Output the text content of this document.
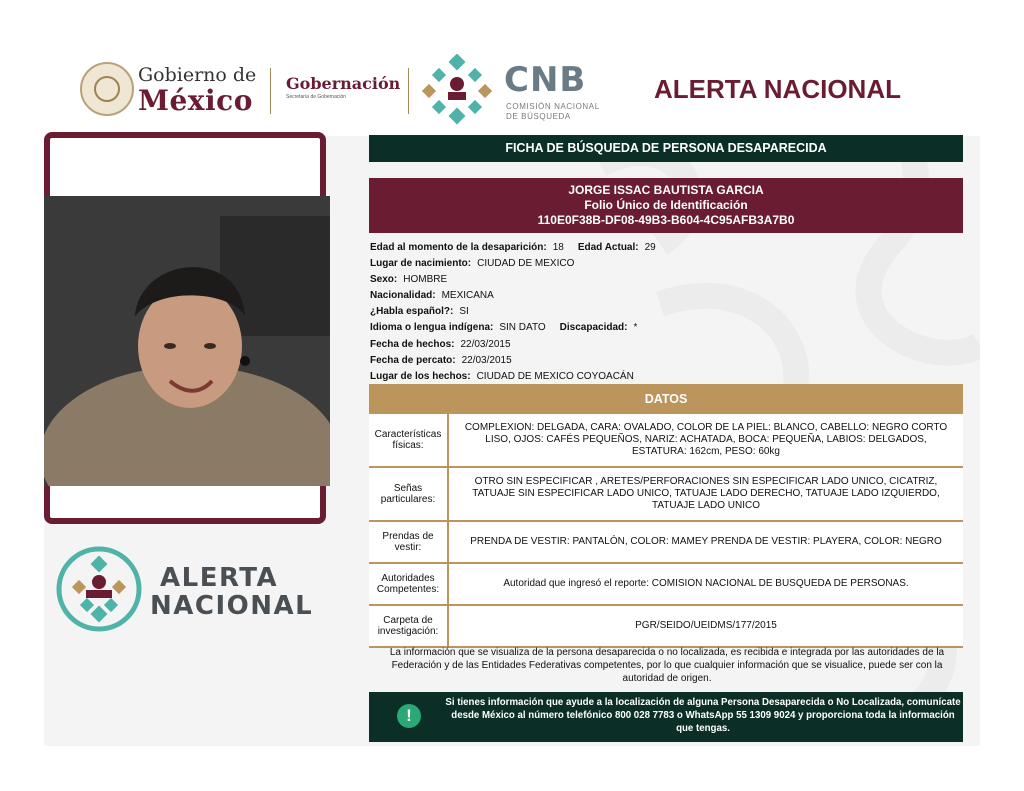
Gobierno de
México
Gobernación
Secretaría de Gobernación	CNB
COMISIÓN NACIONAL
DE BÚSQUEDA
ALERTA NACIONAL
ALERTA
NACIONAL
FICHA DE BÚSQUEDA DE PERSONA DESAPARECIDA
JORGE ISSAC BAUTISTA GARCIA
Folio Único de Identificación
110E0F38B-DF08-49B3-B604-4C95AFB3A7B0
Edad al momento de la desaparición: 18 Edad Actual: 29
Lugar de nacimiento: CIUDAD DE MEXICO
Sexo: HOMBRE
Nacionalidad: MEXICANA
¿Habla español?: SI
Idioma o lengua indígena: SIN DATO Discapacidad: *
Fecha de hechos: 22/03/2015
Fecha de percato: 22/03/2015
Lugar de los hechos: CIUDAD DE MEXICO COYOACÁN
DATOS
Características físicas:
COMPLEXION: DELGADA, CARA: OVALADO, COLOR DE LA PIEL: BLANCO, CABELLO: NEGRO CORTO LISO, OJOS: CAFÉS PEQUEÑOS, NARIZ: ACHATADA, BOCA: PEQUEÑA, LABIOS: DELGADOS, ESTATURA: 162cm, PESO: 60kg
Señas particulares:
OTRO SIN ESPECIFICAR , ARETES/PERFORACIONES SIN ESPECIFICAR LADO UNICO, CICATRIZ, TATUAJE SIN ESPECIFICAR LADO UNICO, TATUAJE LADO DERECHO, TATUAJE LADO IZQUIERDO, TATUAJE LADO UNICO
Prendas de vestir:
PRENDA DE VESTIR: PANTALÓN, COLOR: MAMEY PRENDA DE VESTIR: PLAYERA, COLOR: NEGRO
Autoridades Competentes:
Autoridad que ingresó el reporte: COMISION NACIONAL DE BUSQUEDA DE PERSONAS.
Carpeta de investigación:
PGR/SEIDO/UEIDMS/177/2015
La información que se visualiza de la persona desaparecida o no localizada, es recibida e integrada por las autoridades de la Federación y de las Entidades Federativas competentes, por lo que cualquier información que se visualice, puede ser con la autoridad de origen.
!
Si tienes información que ayude a la localización de alguna Persona Desaparecida o No Localizada, comunícate desde México al número telefónico 800 028 7783 o WhatsApp 55 1309 9024 y proporciona toda la información que tengas.
